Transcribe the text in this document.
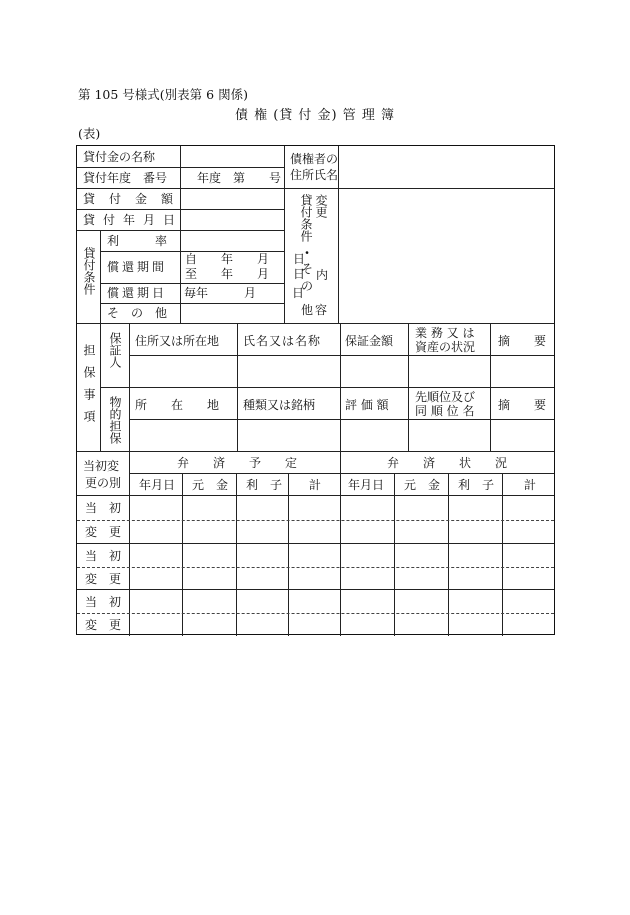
第 105 号様式(別表第 6 関係)
債 権 (貸 付 金) 管 理 簿
(表)
貸付金の名称
貸付年度　番号 年度　第　　号
貸付金額
貸付年月日
貸付条件
利　　　率
償還期間
自　　年　　月　　日
至　　年　　月　　日
償還期日 毎年　　　月　　　日
そ　の　他
債権者の
住所氏名
貸付条件 変更
・
そ 内
の
他容
担保事項 保証人
物的担保
住所又は所在地 氏名又は名称 保証金額
業 務 又 は
資産の状況 摘　　要
所　　在　　地 種類又は銘柄 評 価 額
先順位及び
同 順 位 名 摘　　要
当初変
更の別
弁　　済　　予　　定	弁　　済　　状　　況
年月日 元　金 利　子 計 年月日 元　金 利　子 計
当　初
変　更
当　初
変　更
当　初
変　更
